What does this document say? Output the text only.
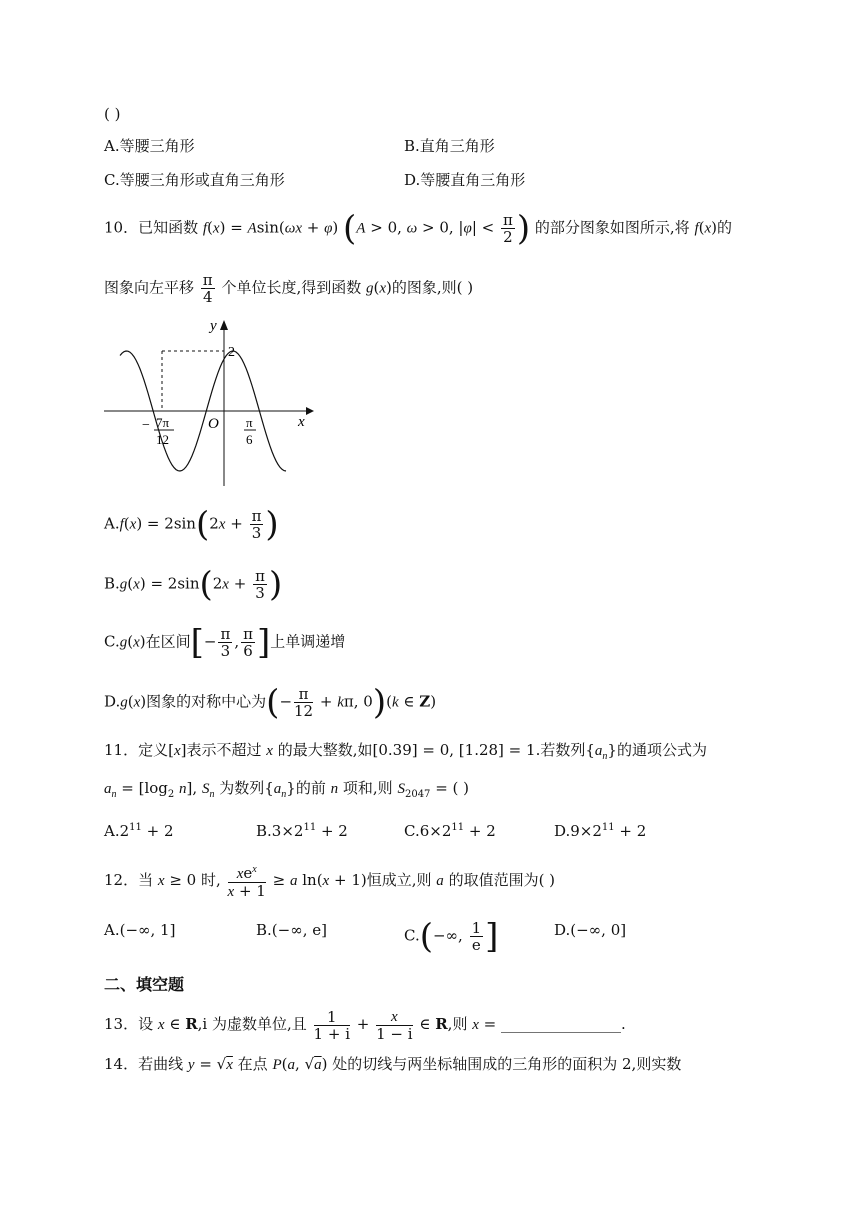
( )
A.等腰三角形	B.直角三角形
C.等腰三角形或直角三角形	D.等腰直角三角形
10．已知函数 f(x) = Asin(ωx + φ) (A > 0, ω > 0, $|\varphi| < \frac{\pi}{2}$ ) 的部分图象如图所示,将 f(x)的
图象向左平移 $\frac{\pi}{4}$ 个单位长度,得到函数 g(x)的图象,则( )
y
x
O
2
− 7π
12
π
6
$A.f(x) = 2\sin(2x + \frac{\pi}{3}$ )
$B.g(x) = 2\sin(2x + \frac{\pi}{3}$ )
C.g(x)在区间[− $\frac{\pi}{3}$ , $\frac{\pi}{6}$ ]上单调递增
D.g(x)图象的对称中心为(− $\frac{\pi}{12} + k\pi$, 0)(k ∈ Z)
11．定义[x]表示不超过 x 的最大整数,如[0.39] = 0, [1.28] = 1.若数列$\{a_n\}$的通项公式为
$a_n = [\log_2$ n], $S_n$ 为数列$\{a_n\}$的前 n 项和,则 $S_{2047}$ = ( )
$A.2^{11} + 2$	$B.3\times 2^{11} + 2$	$C.6\times 2^{11} + 2$	$D.9\times 2^{11} + 2$
12．当 x ≥ 0 时, $\frac{xe^x}{x + 1} \ge a$ ln(x + 1)恒成立,则 a 的取值范围为( )
A.(−∞, 1]	B.(−∞, e]	C.(−∞, $\frac{1}{e}$ ]	D.(−∞, 0]
二、填空题
13．设 x ∈ R,i 为虚数单位,且 $\frac{1}{1 + i} + \frac{x}{1 - i}$ ∈ R,则 x = ________________.
14．若曲线 y = √x 在点 P(a, √a) 处的切线与两坐标轴围成的三角形的面积为 2,则实数
